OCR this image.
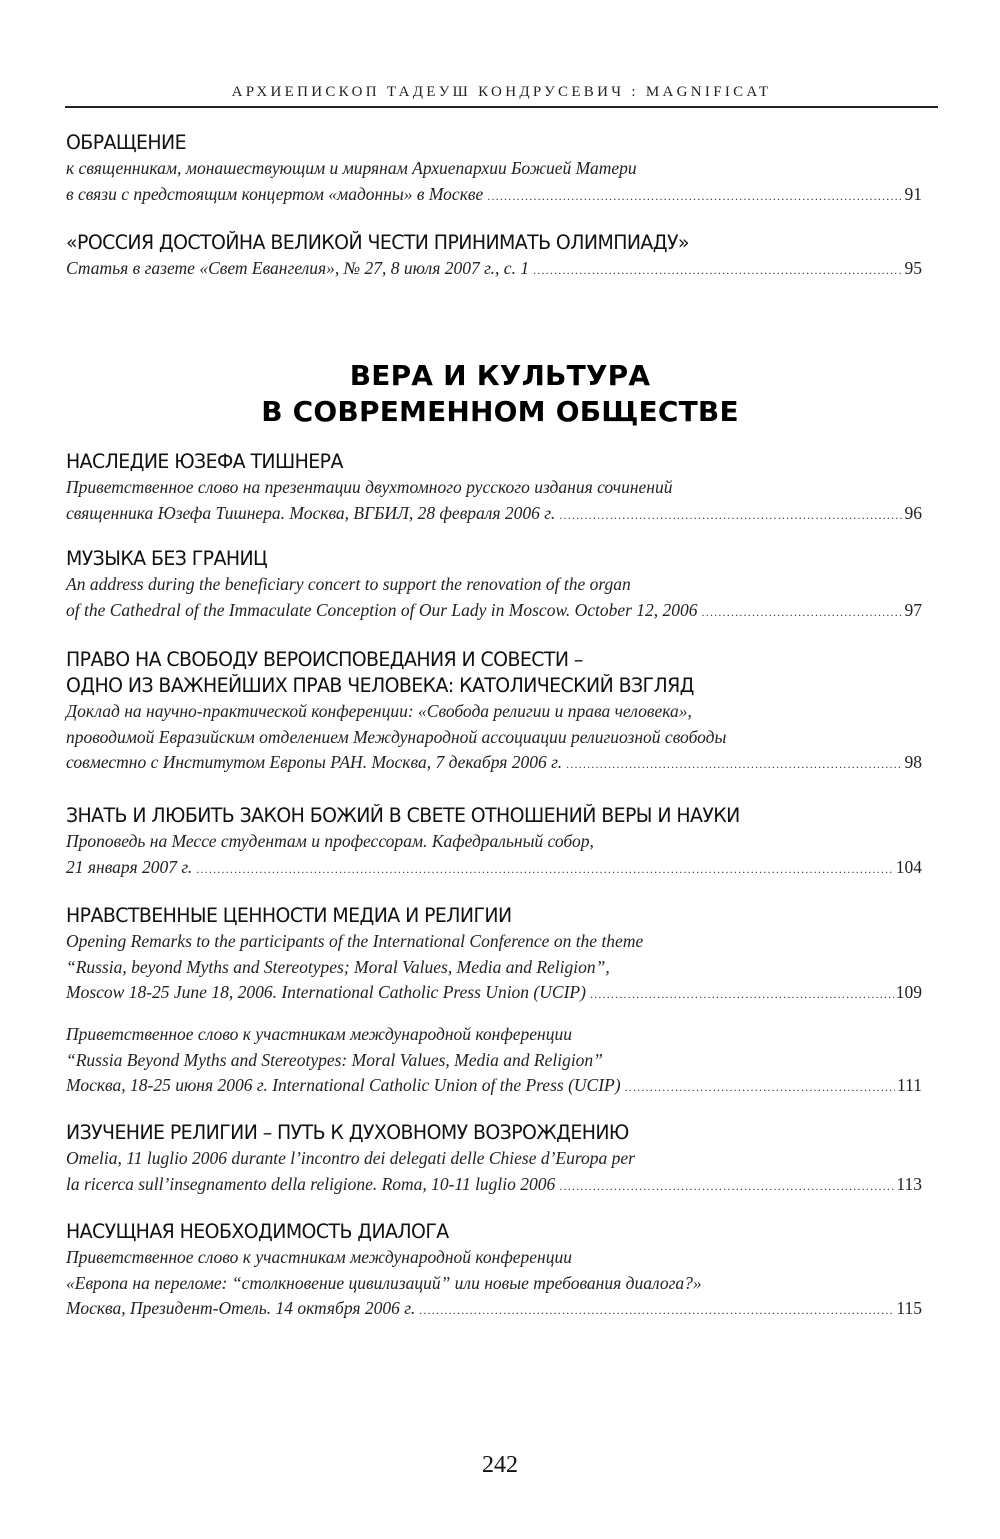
АРХИЕПИСКОП ТАДЕУШ КОНДРУСЕВИЧ : MAGNIFICAT
ОБРАЩЕНИЕ
к священникам, монашествующим и мирянам Архиепархии Божией Матери
в связи с предстоящим концертом «мадонны» в Москве .....	91
«РОССИЯ ДОСТОЙНА ВЕЛИКОЙ ЧЕСТИ ПРИНИМАТЬ ОЛИМПИАДУ»
Статья в газете «Свет Евангелия», № 27, 8 июля 2007 г., с. 1 .....	95
ВЕРА И КУЛЬТУРА
В СОВРЕМЕННОМ ОБЩЕСТВЕ
НАСЛЕДИЕ ЮЗЕФА ТИШНЕРА
Приветственное слово на презентации двухтомного русского издания сочинений
священника Юзефа Тишнера. Москва, ВГБИЛ, 28 февраля 2006 г. .....	96
МУЗЫКА БЕЗ ГРАНИЦ
An address during the beneficiary concert to support the renovation of the organ
of the Cathedral of the Immaculate Conception of Our Lady in Moscow. October 12, 2006 .....	97
ПРАВО НА СВОБОДУ ВЕРОИСПОВЕДАНИЯ И СОВЕСТИ –
ОДНО ИЗ ВАЖНЕЙШИХ ПРАВ ЧЕЛОВЕКА: КАТОЛИЧЕСКИЙ ВЗГЛЯД
Доклад на научно-практической конференции: «Свобода религии и права человека»,
проводимой Евразийским отделением Международной ассоциации религиозной свободы
совместно с Институтом Европы РАН. Москва, 7 декабря 2006 г. .....	98
ЗНАТЬ И ЛЮБИТЬ ЗАКОН БОЖИЙ В СВЕТЕ ОТНОШЕНИЙ ВЕРЫ И НАУКИ
Проповедь на Мессе студентам и профессорам. Кафедральный собор,
21 января 2007 г. .....	104
НРАВСТВЕННЫЕ ЦЕННОСТИ МЕДИА И РЕЛИГИИ
Opening Remarks to the participants of the International Conference on the theme
“Russia, beyond Myths and Stereotypes; Moral Values, Media and Religion”,
Moscow 18-25 June 18, 2006. International Catholic Press Union (UCIP) .....	109
Приветственное слово к участникам международной конференции
“Russia Beyond Myths and Stereotypes: Moral Values, Media and Religion”
Москва, 18-25 июня 2006 г. International Catholic Union of the Press (UCIP) .....	111
ИЗУЧЕНИЕ РЕЛИГИИ – ПУТЬ К ДУХОВНОМУ ВОЗРОЖДЕНИЮ
Omelia, 11 luglio 2006 durante l’incontro dei delegati delle Chiese d’Europa per
la ricerca sull’insegnamento della religione. Roma, 10-11 luglio 2006 .....	113
НАСУЩНАЯ НЕОБХОДИМОСТЬ ДИАЛОГА
Приветственное слово к участникам международной конференции
«Европа на переломе: “столкновение цивилизаций” или новые требования диалога?»
Москва, Президент-Отель. 14 октября 2006 г. .....	115
242
